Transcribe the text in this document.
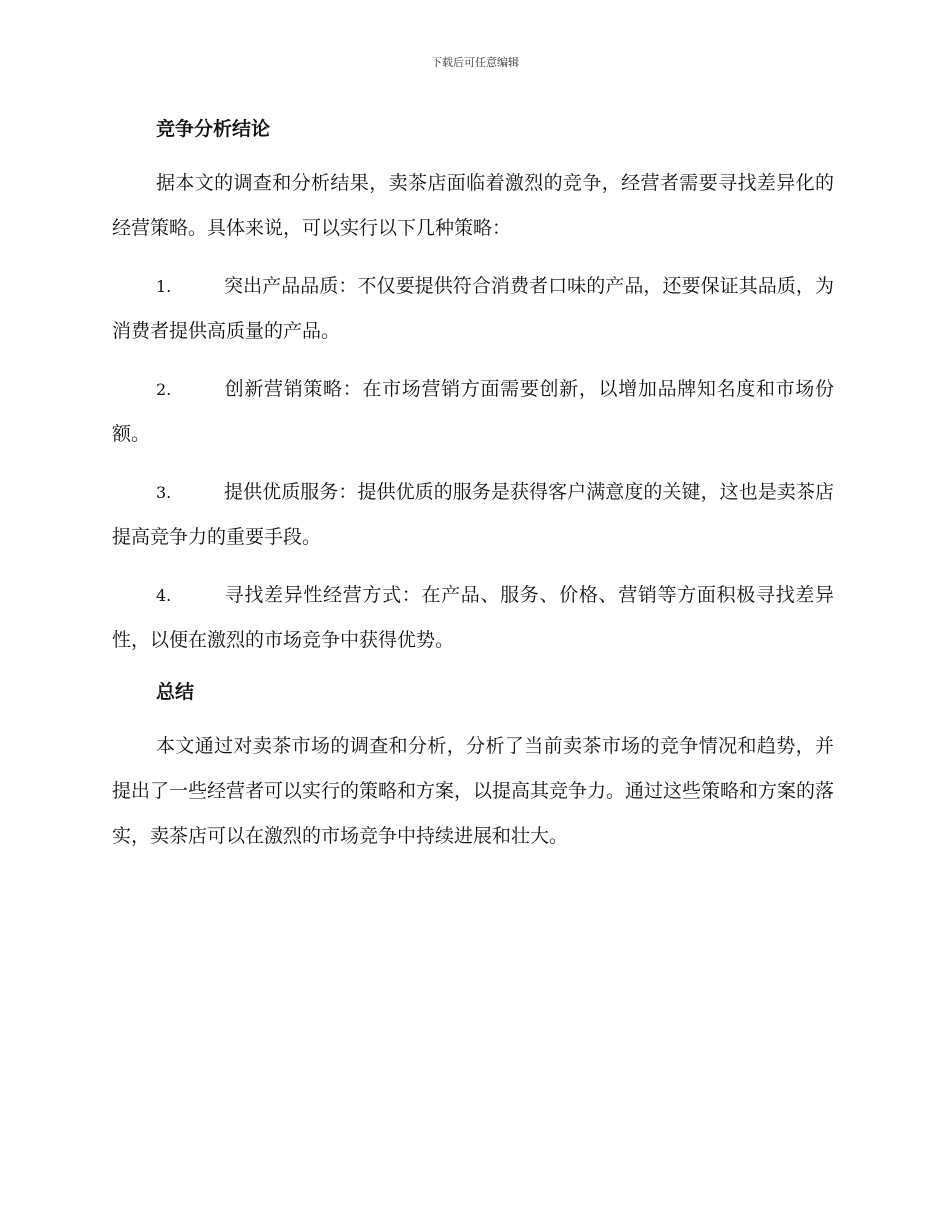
下载后可任意编辑
竞争分析结论

据本文的调查和分析结果，卖茶店面临着激烈的竞争，经营者需要寻找差异化的经营策略。具体来说，可以实行以下几种策略：

1.	突出产品品质：不仅要提供符合消费者口味的产品，还要保证其品质，为消费者提供高质量的产品。

2.	创新营销策略：在市场营销方面需要创新，以增加品牌知名度和市场份额。

3.	提供优质服务：提供优质的服务是获得客户满意度的关键，这也是卖茶店提高竞争力的重要手段。

4.	寻找差异性经营方式：在产品、服务、价格、营销等方面积极寻找差异性，以便在激烈的市场竞争中获得优势。

总结

本文通过对卖茶市场的调查和分析，分析了当前卖茶市场的竞争情况和趋势，并提出了一些经营者可以实行的策略和方案，以提高其竞争力。通过这些策略和方案的落实，卖茶店可以在激烈的市场竞争中持续进展和壮大。
